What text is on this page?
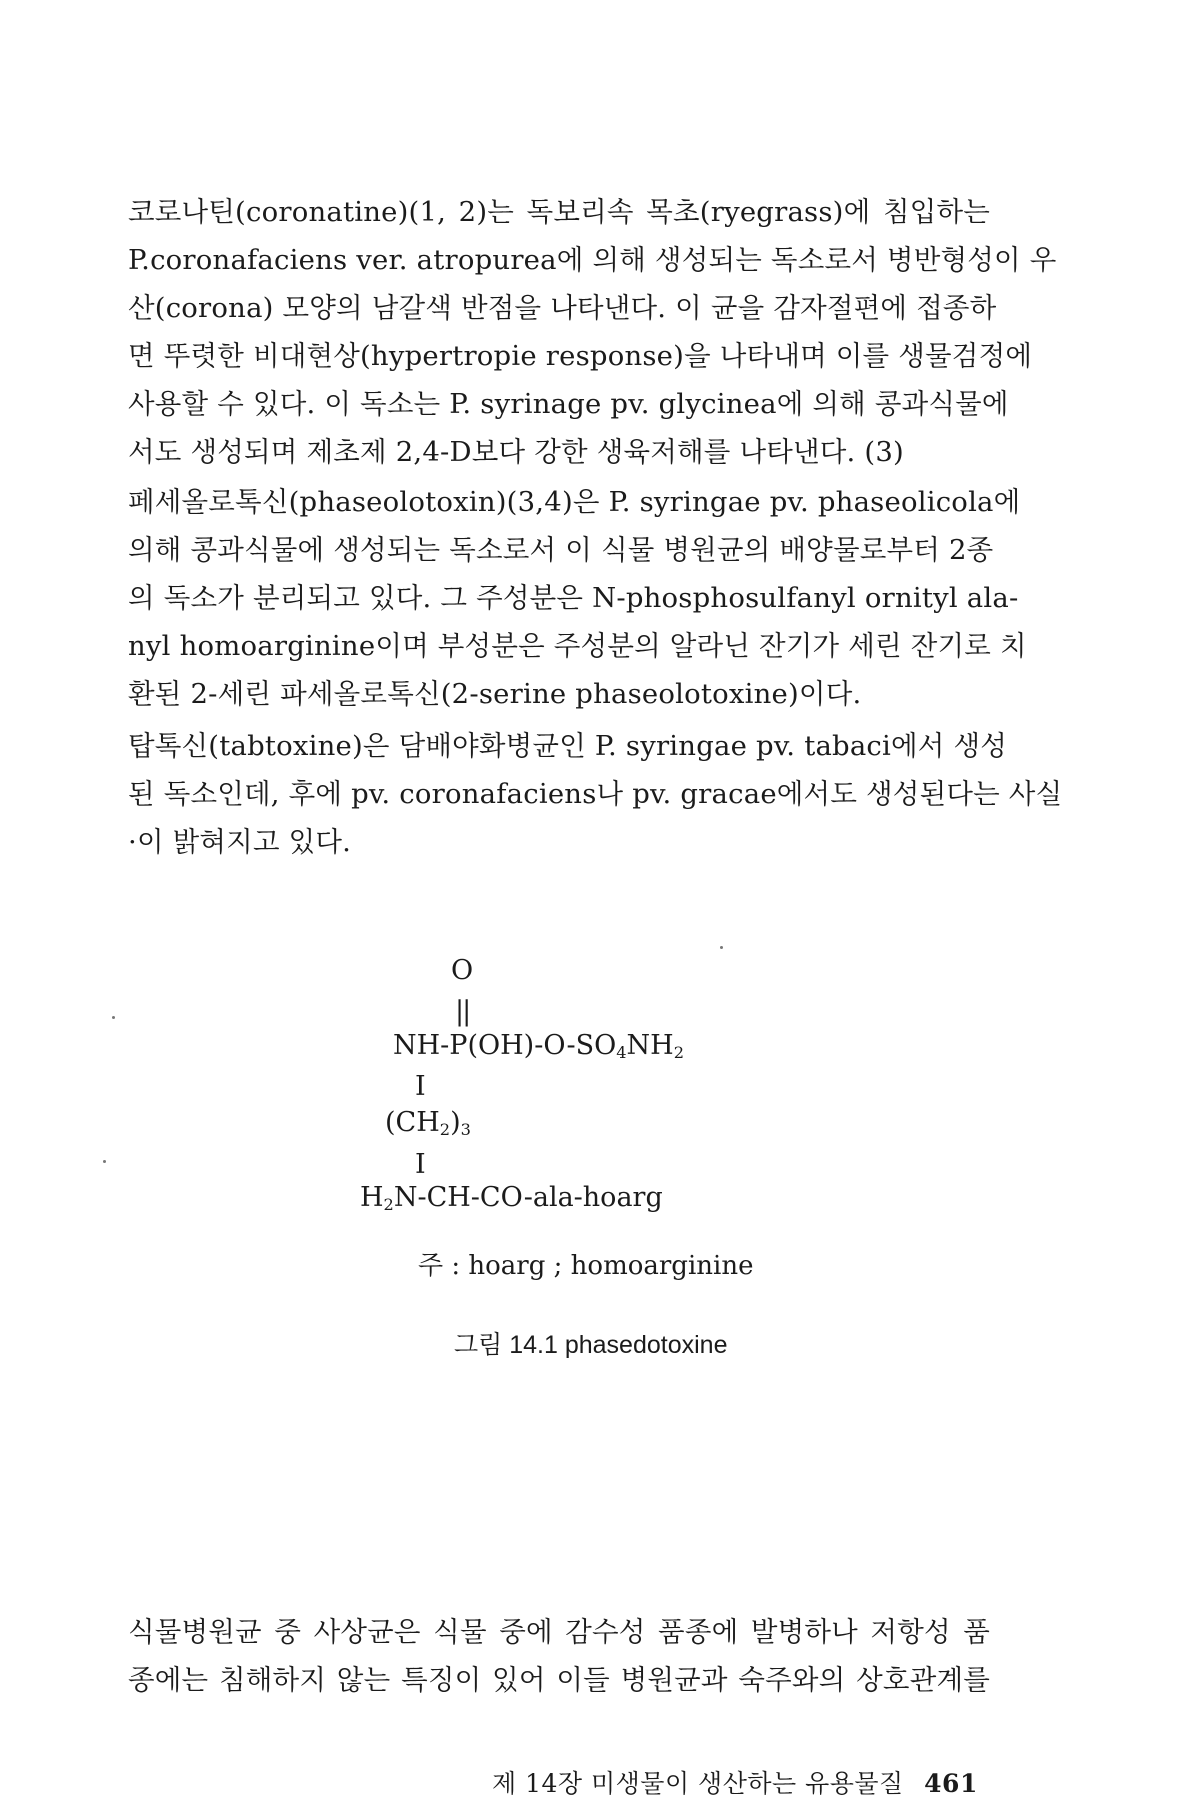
코로나틴(coronatine)(1, 2)는 독보리속 목초(ryegrass)에 침입하는
P.coronafaciens ver. atropurea에 의해 생성되는 독소로서 병반형성이 우
산(corona) 모양의 남갈색 반점을 나타낸다. 이 균을 감자절편에 접종하
면 뚜렷한 비대현상(hypertropie response)을 나타내며 이를 생물검정에
사용할 수 있다. 이 독소는 P. syrinage pv. glycinea에 의해 콩과식물에
서도 생성되며 제초제 2,4-D보다 강한 생육저해를 나타낸다. (3)
페세올로톡신(phaseolotoxin)(3,4)은 P. syringae pv. phaseolicola에
의해 콩과식물에 생성되는 독소로서 이 식물 병원균의 배양물로부터 2종
의 독소가 분리되고 있다. 그 주성분은 N-phosphosulfanyl ornityl ala-
nyl homoarginine이며 부성분은 주성분의 알라닌 잔기가 세린 잔기로 치
환된 2-세린 파세올로톡신(2-serine phaseolotoxine)이다.
탑톡신(tabtoxine)은 담배야화병균인 P. syringae pv. tabaci에서 생성
된 독소인데, 후에 pv. coronafaciens나 pv. gracae에서도 생성된다는 사실
·이 밝혀지고 있다.
O
||
$NH-P(OH)-O-SO_4NH_2$
I
$(CH_2)_3$
I
$H_2N-CH-CO-ala$-hoarg
주 : hoarg ; homoarginine
그림 14.1 phasedotoxine
식물병원균 중 사상균은 식물 중에 감수성 품종에 발병하나 저항성 품
종에는 침해하지 않는 특징이 있어 이들 병원균과 숙주와의 상호관계를
제 14장 미생물이 생산하는 유용물질 461
